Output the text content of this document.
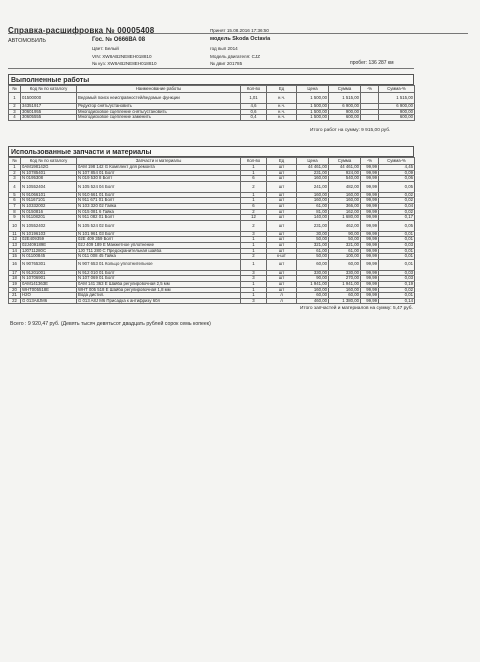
Справка-расшифровка № 00005408
АВТОМОБИЛЬ	Гос. № О666ВА 08
Цвет: Белый
VIN: XW8AB2NE8EH018810
№ куз: XW8AB2NE8EH018810
Принят 15.08.2016 17:36:50
модель Skoda Octavia
год вып 2014
Модель двигателя: CJZ
№ двиг 201785	пробег: 136 287 км
Выполненные работы
№	Код № по каталогу	Наименование работы	Кол-во	Ед	Цена	Сумма	-%	Сумма-%
1	01500000	Ведомый поиск неисправностей/ведомые функции	1,01	н.ч.	1 500,00	1 515,00		1 515,00
2	34351917	Редуктор снять/установить	4,6	н.ч.	1 500,00	6 900,00		6 900,00
3	30601955	Многодисковое сцепление снять/установить	0,6	н.ч.	1 500,00	900,00		900,00
4	30605555	Многодисковое сцепление заменить	0,4	н.ч.	1 500,00	600,00		600,00
Итого работ на сумму: 9 915,00 руб.
Использованные запчасти и материалы
№	Код № по каталогу	Запчасти и материалы	Кол-во	Ед	Цена	Сумма	-%	Сумма-%
1	0AM198142G	0AM 198 142 G Комплект для ремонта	1	шт	44 461,00	44 461,00	99,99	4,45
2	N 10785401	N 107 854 01 Болт	1	шт	231,00	924,00	99,99	0,09
3	N 0195308	N 019 530 8 Болт	6	шт	160,00	540,00	99,99	0,06
4	N 10552404	N 105 524 04 Болт	2	шт	241,00	482,00	99,99	0,05
5	N 91066101	N 910 661 01 Болт	1	шт	160,00	160,00	99,99	0,02
6	N 91167101	N 911 671 01 Болт	1	шт	160,00	160,00	99,99	0,02
7	N 10332002	N 103 320 02 Гайка	6	шт	61,00	366,00	99,99	0,04
8	N 0150816	N 015 081 6 Гайка	2	шт	81,00	162,00	99,99	0,02
9	N 91108201	N 911 082 01 Болт	12	шт	140,00	1 680,00	99,99	0,17
10	N 10552402	N 105 524 02 Болт	2	шт	231,00	462,00	99,99	0,05
11	N 10196103	N 101 961 03 Болт	3	шт	30,00	90,00	99,99	0,01
12	02E409359	02E 409 359 Болт	1	шт	50,00	50,00	99,99	0,01
13	02J409189E	02J 409 189 E Манжетное уплотнение	1	шт	321,00	321,00	99,99	0,03
14	1J0711280C	1J0 711 280 C Предохранительная шайба	1	шт	61,00	61,00	99,99	0,01
15	N 01100845	N 011 008 45 Гайка	2	к-шт	50,00	100,00	99,99	0,01
16	N 90765301	N 907 653 01 Кольцо уплотнительное	1	шт	60,00	60,00	99,99	0,01
17	N 91201001	N 912 010 01 Болт	3	шт	330,00	330,00	99,99	0,03
18	N 10706901	N 107 069 01 Болт	3	шт	90,00	270,00	99,99	0,03
19	0AM141363E	0AM 141 363 E Шайба регулировочная 2,5 мм	1	шт	1 941,00	1 941,00	99,99	0,19
20	WHT005518E	WHT 005 518 E Шайба регулировочная 1,8 мм	1	шт	160,00	160,00	99,99	0,02
21	H2O	Вода дистил.	1	л	60,00	60,00	99,99	0,01
22	G 013A8JM6	G 013 A8J M6 Присадка к антифризу 60л	3	л	460,00	1 380,00	99,99	0,14
Итого запчастей и материалов на сумму: 5,47 руб.
Всего : 9 920,47 руб. (Девять тысяч девятьсот двадцать рублей сорок семь копеек)
